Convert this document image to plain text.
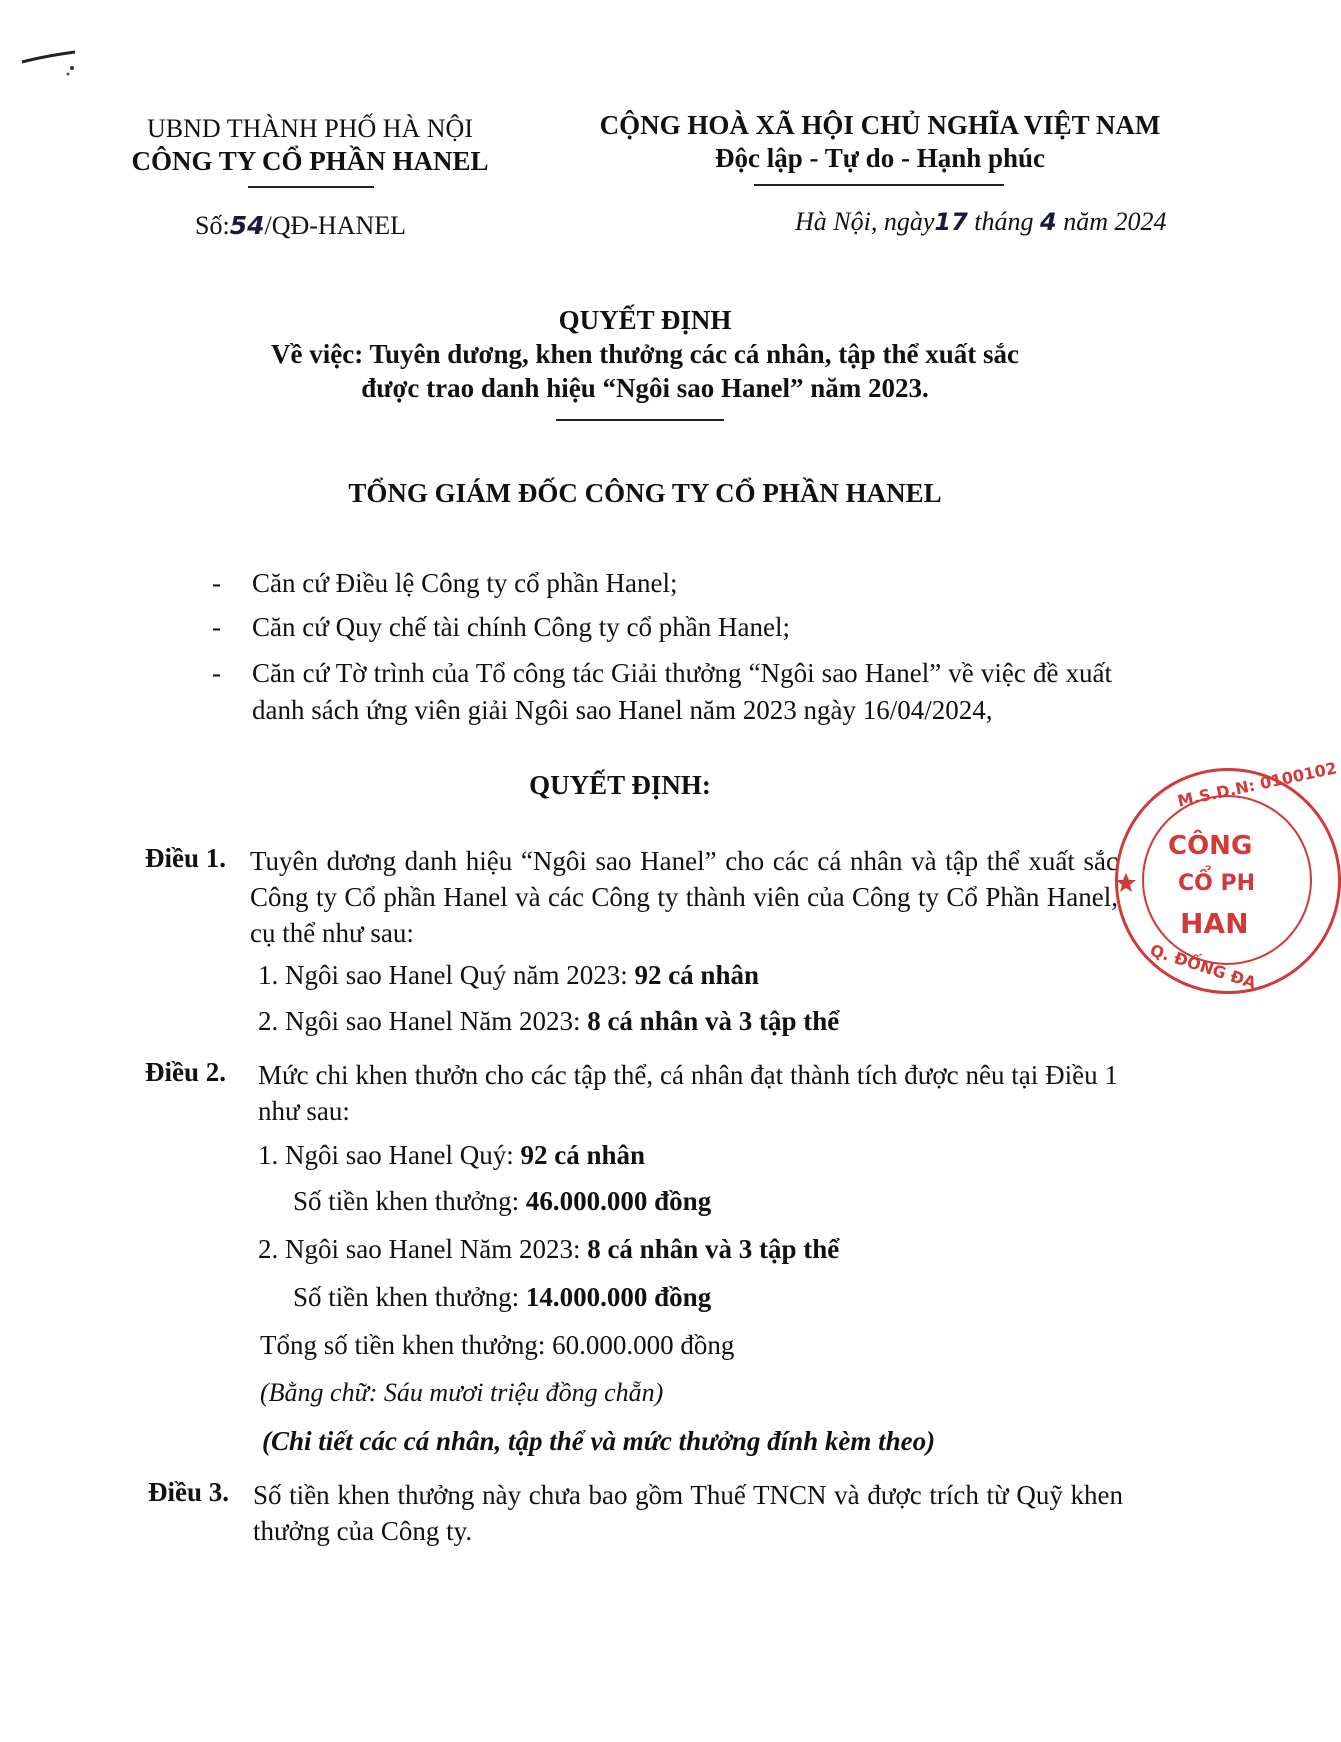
UBND THÀNH PHỐ HÀ NỘI
CÔNG TY CỔ PHẦN HANEL
CỘNG HOÀ XÃ HỘI CHỦ NGHĨA VIỆT NAM
Độc lập - Tự do - Hạnh phúc
Số:54/QĐ-HANEL	Hà Nội, ngày17 tháng 4 năm 2024
QUYẾT ĐỊNH
Về việc: Tuyên dương, khen thưởng các cá nhân, tập thể xuất sắc
được trao danh hiệu “Ngôi sao Hanel” năm 2023.
TỔNG GIÁM ĐỐC CÔNG TY CỔ PHẦN HANEL
- Căn cứ Điều lệ Công ty cổ phần Hanel;
- Căn cứ Quy chế tài chính Công ty cổ phần Hanel;
- Căn cứ Tờ trình của Tổ công tác Giải thưởng “Ngôi sao Hanel” về việc đề xuất danh sách ứng viên giải Ngôi sao Hanel năm 2023 ngày 16/04/2024,
QUYẾT ĐỊNH:
Điều 1. Tuyên dương danh hiệu “Ngôi sao Hanel” cho các cá nhân và tập thể xuất sắc Công ty Cổ phần Hanel và các Công ty thành viên của Công ty Cổ Phần Hanel, cụ thể như sau:
1. Ngôi sao Hanel Quý năm 2023: 92 cá nhân
2. Ngôi sao Hanel Năm 2023: 8 cá nhân và 3 tập thể
Điều 2. Mức chi khen thưởn cho các tập thể, cá nhân đạt thành tích được nêu tại Điều 1 như sau:
1. Ngôi sao Hanel Quý: 92 cá nhân
Số tiền khen thưởng: 46.000.000 đồng
2. Ngôi sao Hanel Năm 2023: 8 cá nhân và 3 tập thể
Số tiền khen thưởng: 14.000.000 đồng
Tổng số tiền khen thưởng: 60.000.000 đồng
(Bằng chữ: Sáu mươi triệu đồng chẵn)
(Chi tiết các cá nhân, tập thể và mức thưởng đính kèm theo)
Điều 3. Số tiền khen thưởng này chưa bao gồm Thuế TNCN và được trích từ Quỹ khen thưởng của Công ty.
M.S.D.N: 0100102
CÔNG
CỔ PH
HAN
Q. ĐỐNG ĐA
